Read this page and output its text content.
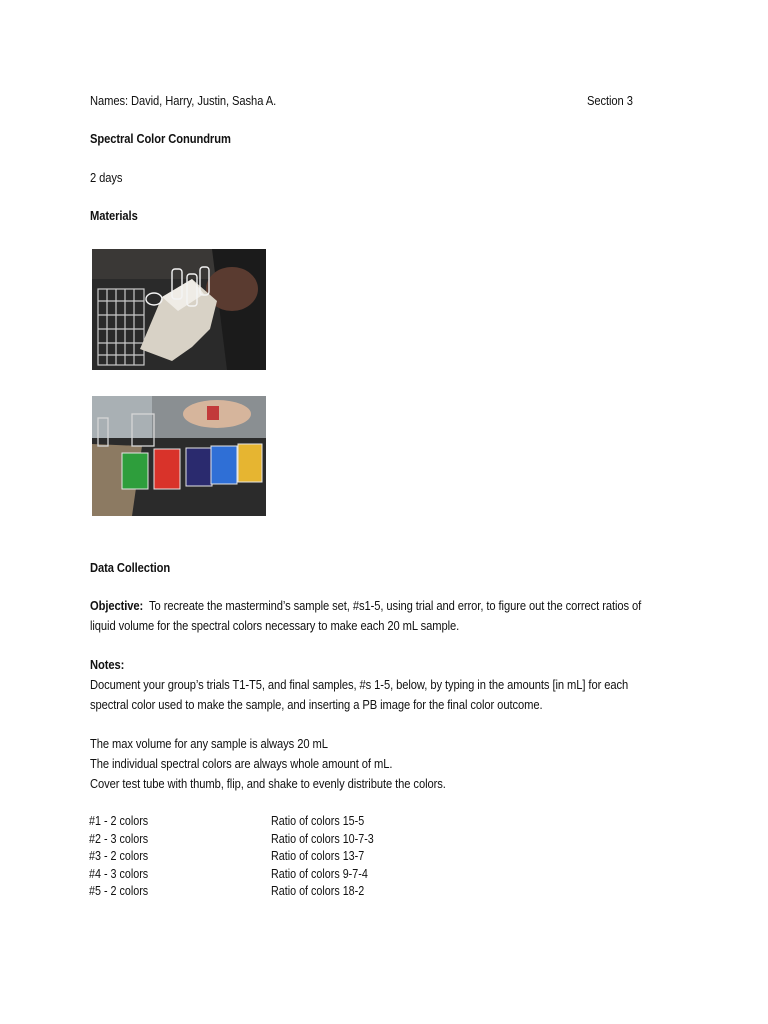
Names: David, Harry, Justin, Sasha A.	Section 3
Spectral Color Conundrum
2 days
Materials
Data Collection
Objective: To recreate the mastermind’s sample set, #s1-5, using trial and error, to figure out the correct ratios of
liquid volume for the spectral colors necessary to make each 20 mL sample.
Notes:
Document your group’s trials T1-T5, and final samples, #s 1-5, below, by typing in the amounts [in mL] for each
spectral color used to make the sample, and inserting a PB image for the final color outcome.
The max volume for any sample is always 20 mL
The individual spectral colors are always whole amount of mL.
Cover test tube with thumb, flip, and shake to evenly distribute the colors.
#1 - 2 colors	Ratio of colors 15-5
#2 - 3 colors	Ratio of colors 10-7-3
#3 - 2 colors	Ratio of colors 13-7
#4 - 3 colors	Ratio of colors 9-7-4
#5 - 2 colors	Ratio of colors 18-2
